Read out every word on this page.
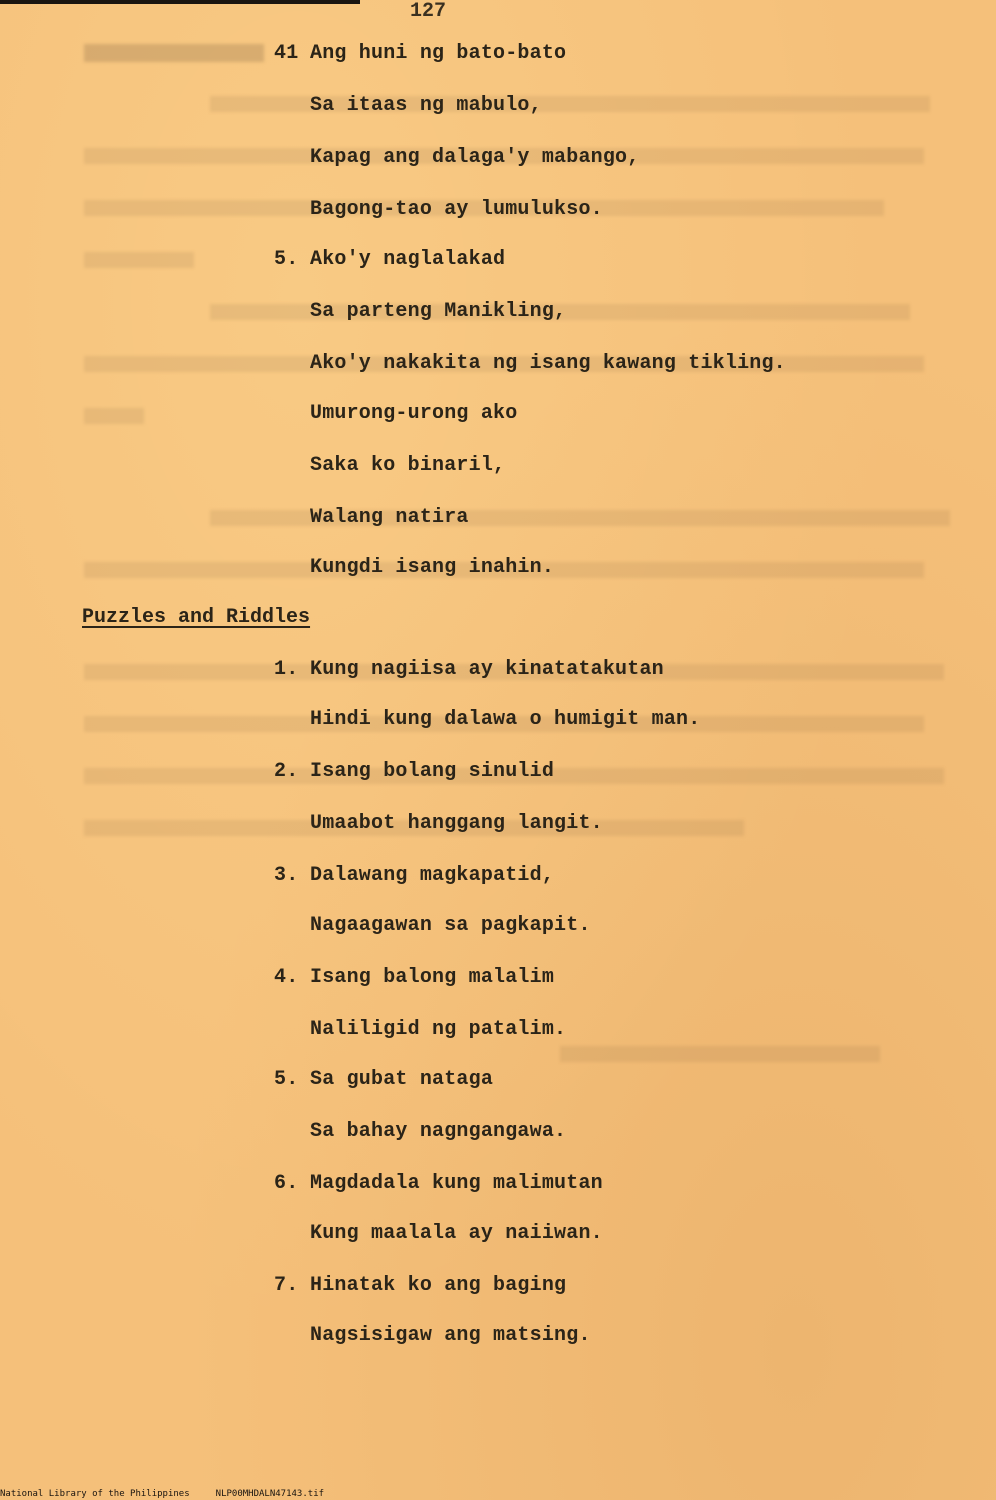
127
41 Ang huni ng bato-bato
Sa itaas ng mabulo,
Kapag ang dalaga'y mabango,
Bagong-tao ay lumulukso.
5. Ako'y naglalakad
Sa parteng Manikling,
Ako'y nakakita ng isang kawang tikling.
Umurong-urong ako
Saka ko binaril,
Walang natira
Kungdi isang inahin.
Puzzles and Riddles
1. Kung nagiisa ay kinatatakutan
Hindi kung dalawa o humigit man.
2. Isang bolang sinulid
Umaabot hanggang langit.
3. Dalawang magkapatid,
Nagaagawan sa pagkapit.
4. Isang balong malalim
Naliligid ng patalim.
5. Sa gubat nataga
Sa bahay nagngangawa.
6. Magdadala kung malimutan
Kung maalala ay naiiwan.
7. Hinatak ko ang baging
Nagsisigaw ang matsing.
National Library of the Philippines	NLP00MHDALN47143.tif
